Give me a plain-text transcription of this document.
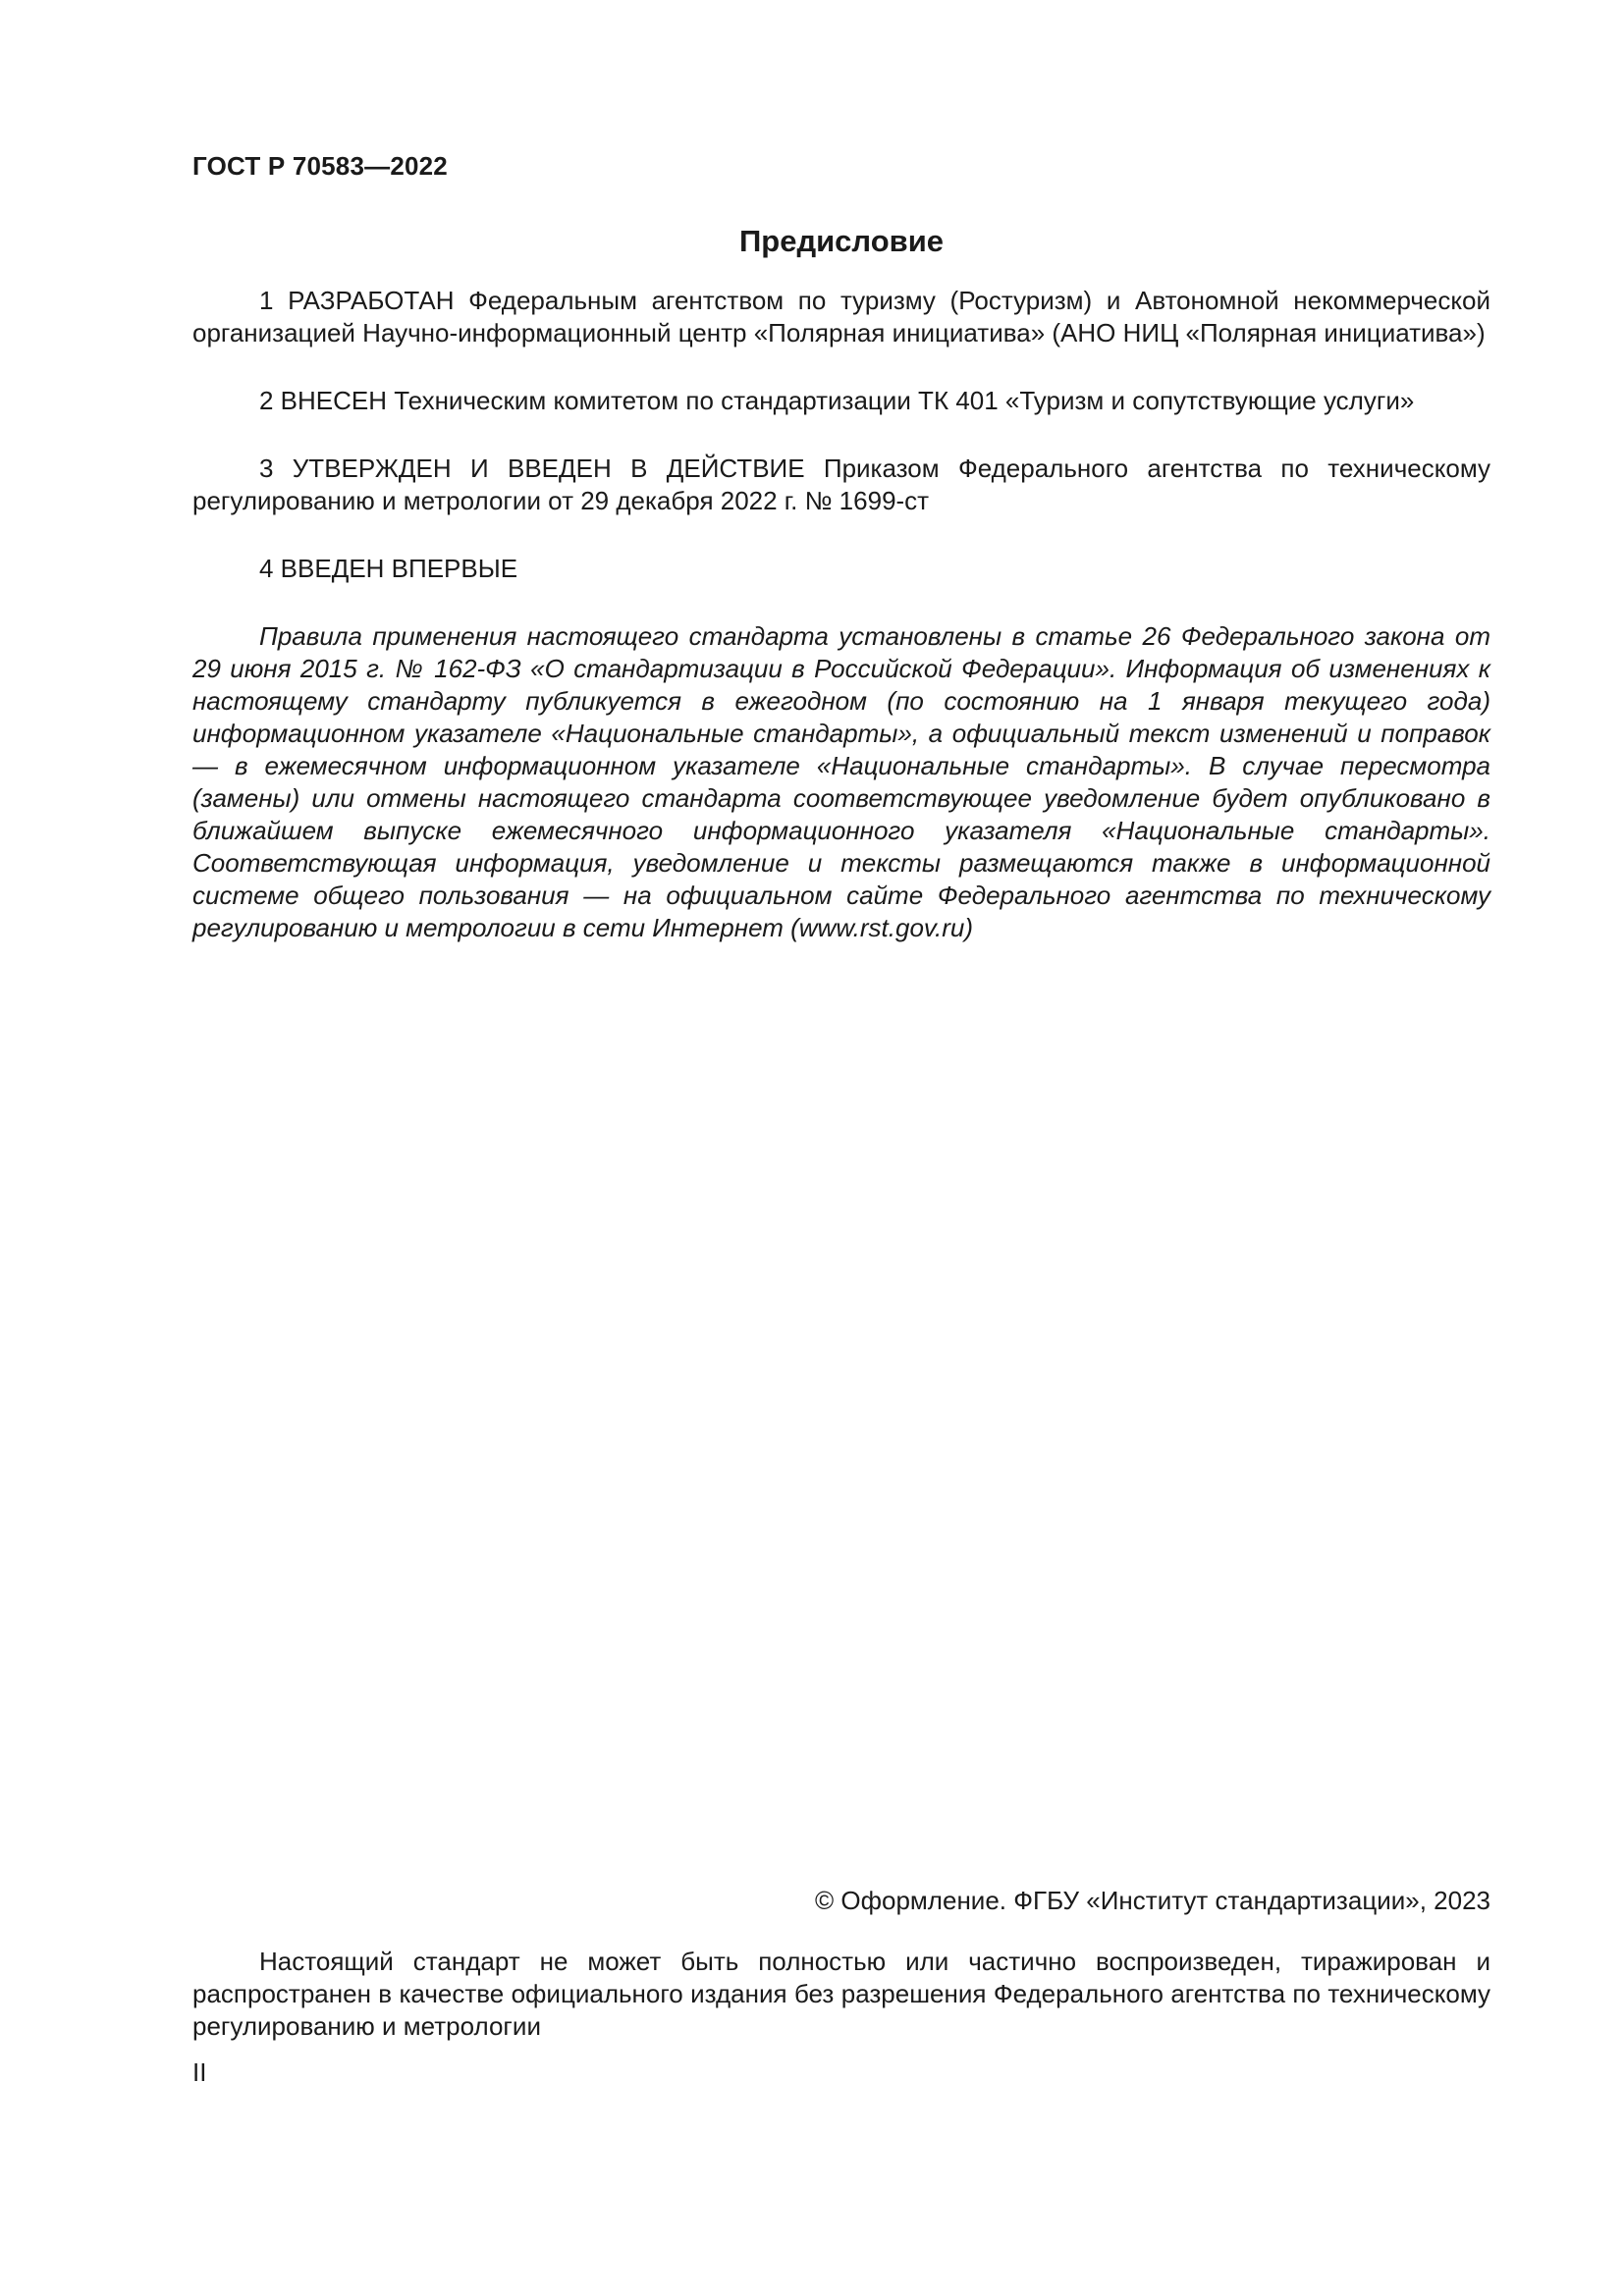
ГОСТ Р 70583—2022
Предисловие

1 РАЗРАБОТАН Федеральным агентством по туризму (Ростуризм) и Автономной некоммерческой организацией Научно-информационный центр «Полярная инициатива» (АНО НИЦ «Полярная инициатива»)

2 ВНЕСЕН Техническим комитетом по стандартизации ТК 401 «Туризм и сопутствующие услуги»

3 УТВЕРЖДЕН И ВВЕДЕН В ДЕЙСТВИЕ Приказом Федерального агентства по техническому регулированию и метрологии от 29 декабря 2022 г. № 1699-ст

4 ВВЕДЕН ВПЕРВЫЕ

Правила применения настоящего стандарта установлены в статье 26 Федерального закона от 29 июня 2015 г. № 162-ФЗ «О стандартизации в Российской Федерации». Информация об изменениях к настоящему стандарту публикуется в ежегодном (по состоянию на 1 января текущего года) информационном указателе «Национальные стандарты», а официальный текст изменений и поправок — в ежемесячном информационном указателе «Национальные стандарты». В случае пересмотра (замены) или отмены настоящего стандарта соответствующее уведомление будет опубликовано в ближайшем выпуске ежемесячного информационного указателя «Национальные стандарты». Соответствующая информация, уведомление и тексты размещаются также в информационной системе общего пользования — на официальном сайте Федерального агентства по техническому регулированию и метрологии в сети Интернет (www.rst.gov.ru)

© Оформление. ФГБУ «Институт стандартизации», 2023

Настоящий стандарт не может быть полностью или частично воспроизведен, тиражирован и распространен в качестве официального издания без разрешения Федерального агентства по техническому регулированию и метрологии

II
